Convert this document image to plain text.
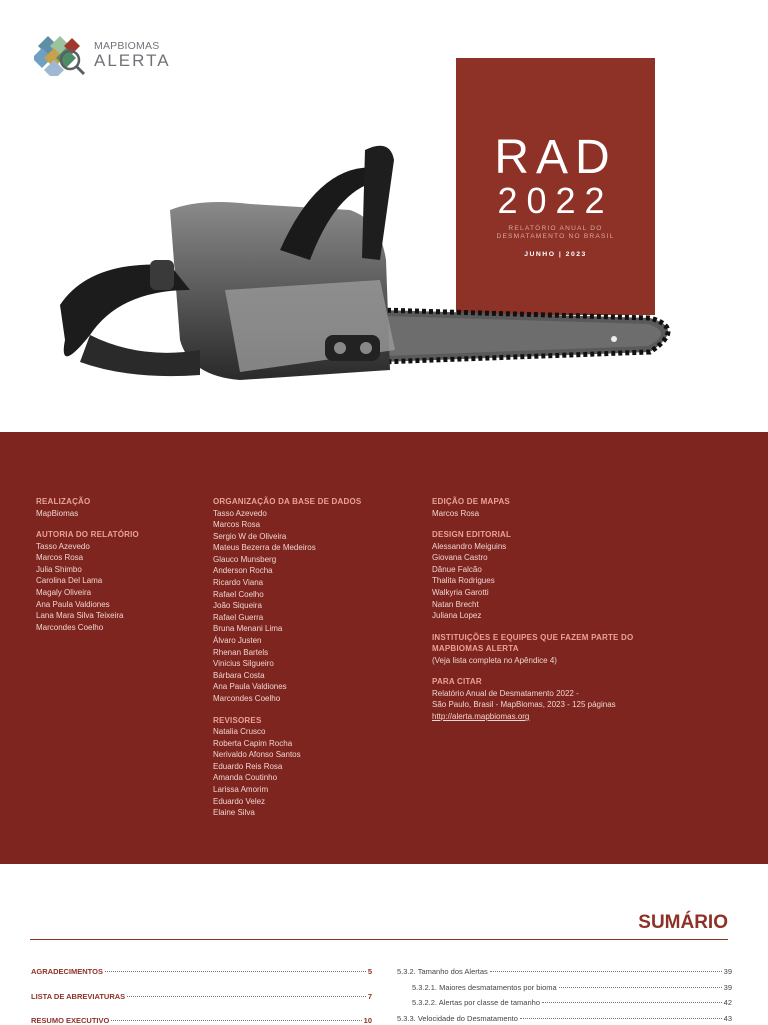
MAPBIOMAS
ALERTA
RAD
2022
RELATÓRIO ANUAL DO DESMATAMENTO NO BRASIL
JUNHO | 2023
REALIZAÇÃO
MapBiomas
AUTORIA DO RELATÓRIO
Tasso Azevedo
Marcos Rosa
Julia Shimbo
Carolina Del Lama
Magaly Oliveira
Ana Paula Valdiones
Lana Mara Silva Teixeira
Marcondes Coelho
ORGANIZAÇÃO DA BASE DE DADOS
Tasso Azevedo
Marcos Rosa
Sergio W de Oliveira
Mateus Bezerra de Medeiros
Glauco Munsberg
Anderson Rocha
Ricardo Viana
Rafael Coelho
João Siqueira
Rafael Guerra
Bruna Menani Lima
Álvaro Justen
Rhenan Bartels
Vinicius Silgueiro
Bárbara Costa
Ana Paula Valdiones
Marcondes Coelho
REVISORES
Natalia Crusco
Roberta Capim Rocha
Nerivaldo Afonso Santos
Eduardo Reis Rosa
Amanda Coutinho
Larissa Amorim
Eduardo Velez
Elaine Silva
EDIÇÃO DE MAPAS
Marcos Rosa
DESIGN EDITORIAL
Alessandro Meiguins
Giovana Castro
Dânue Falcão
Thalita Rodrigues
Walkyria Garotti
Natan Brecht
Juliana Lopez
INSTITUIÇÕES E EQUIPES QUE FAZEM PARTE DO MAPBIOMAS ALERTA
(Veja lista completa no Apêndice 4)
PARA CITAR
Relatório Anual de Desmatamento 2022 -
São Paulo, Brasil - MapBiomas, 2023 - 125 páginas
http://alerta.mapbiomas.org
SUMÁRIO
AGRADECIMENTOS	5
LISTA DE ABREVIATURAS	7
RESUMO EXECUTIVO	10
5.3.2. Tamanho dos Alertas	39
5.3.2.1. Maiores desmatamentos por bioma	39
5.3.2.2. Alertas por classe de tamanho	42
5.3.3. Velocidade do Desmatamento	43
